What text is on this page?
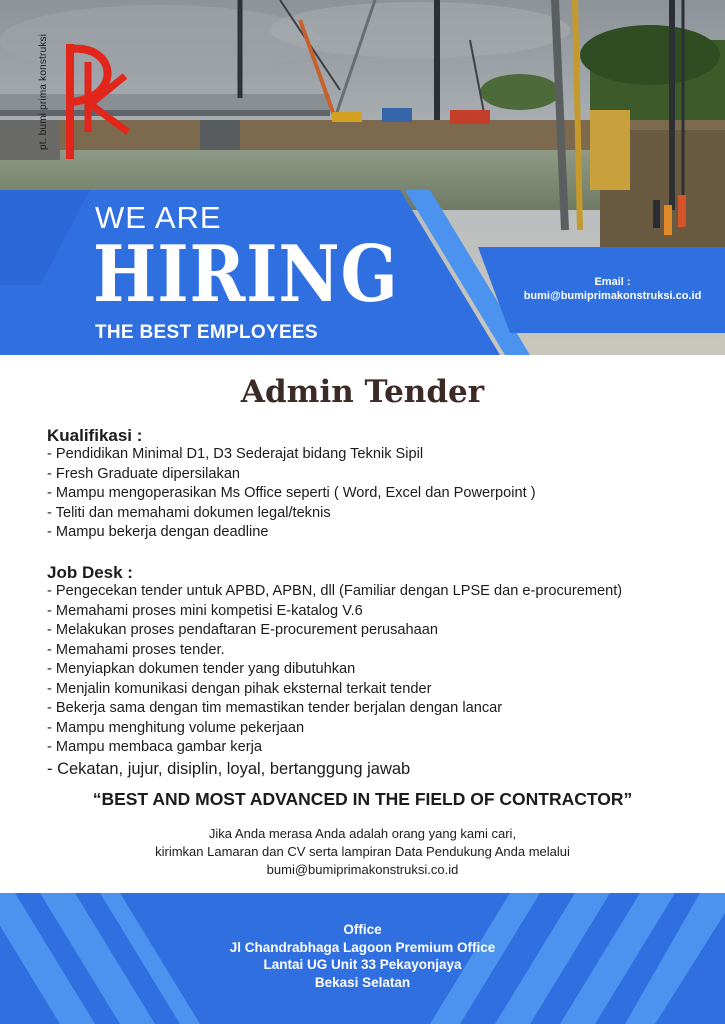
pt. bumi prima konstruksi
WE ARE
HIRING
THE BEST EMPLOYEES
Email :
bumi@bumiprimakonstruksi.co.id
Admin Tender
Kualifikasi :
- Pendidikan Minimal D1, D3 Sederajat bidang Teknik Sipil
- Fresh Graduate dipersilakan
- Mampu mengoperasikan Ms Office seperti ( Word, Excel dan Powerpoint )
- Teliti dan memahami dokumen legal/teknis
- Mampu bekerja dengan deadline
Job Desk :
- Pengecekan tender untuk APBD, APBN, dll (Familiar dengan LPSE dan e-procurement)
- Memahami proses mini kompetisi E-katalog V.6
- Melakukan proses pendaftaran E-procurement perusahaan
- Memahami proses tender.
- Menyiapkan dokumen tender yang dibutuhkan
- Menjalin komunikasi dengan pihak eksternal terkait tender
- Bekerja sama dengan tim memastikan tender berjalan dengan lancar
- Mampu menghitung volume pekerjaan
- Mampu membaca gambar kerja
- Cekatan, jujur, disiplin, loyal, bertanggung jawab
“BEST AND MOST ADVANCED IN THE FIELD OF CONTRACTOR”
Jika Anda merasa Anda adalah orang yang kami cari,
kirimkan Lamaran dan CV serta lampiran Data Pendukung Anda melalui
bumi@bumiprimakonstruksi.co.id
Office
Jl Chandrabhaga Lagoon Premium Office
Lantai UG Unit 33 Pekayonjaya
Bekasi Selatan
